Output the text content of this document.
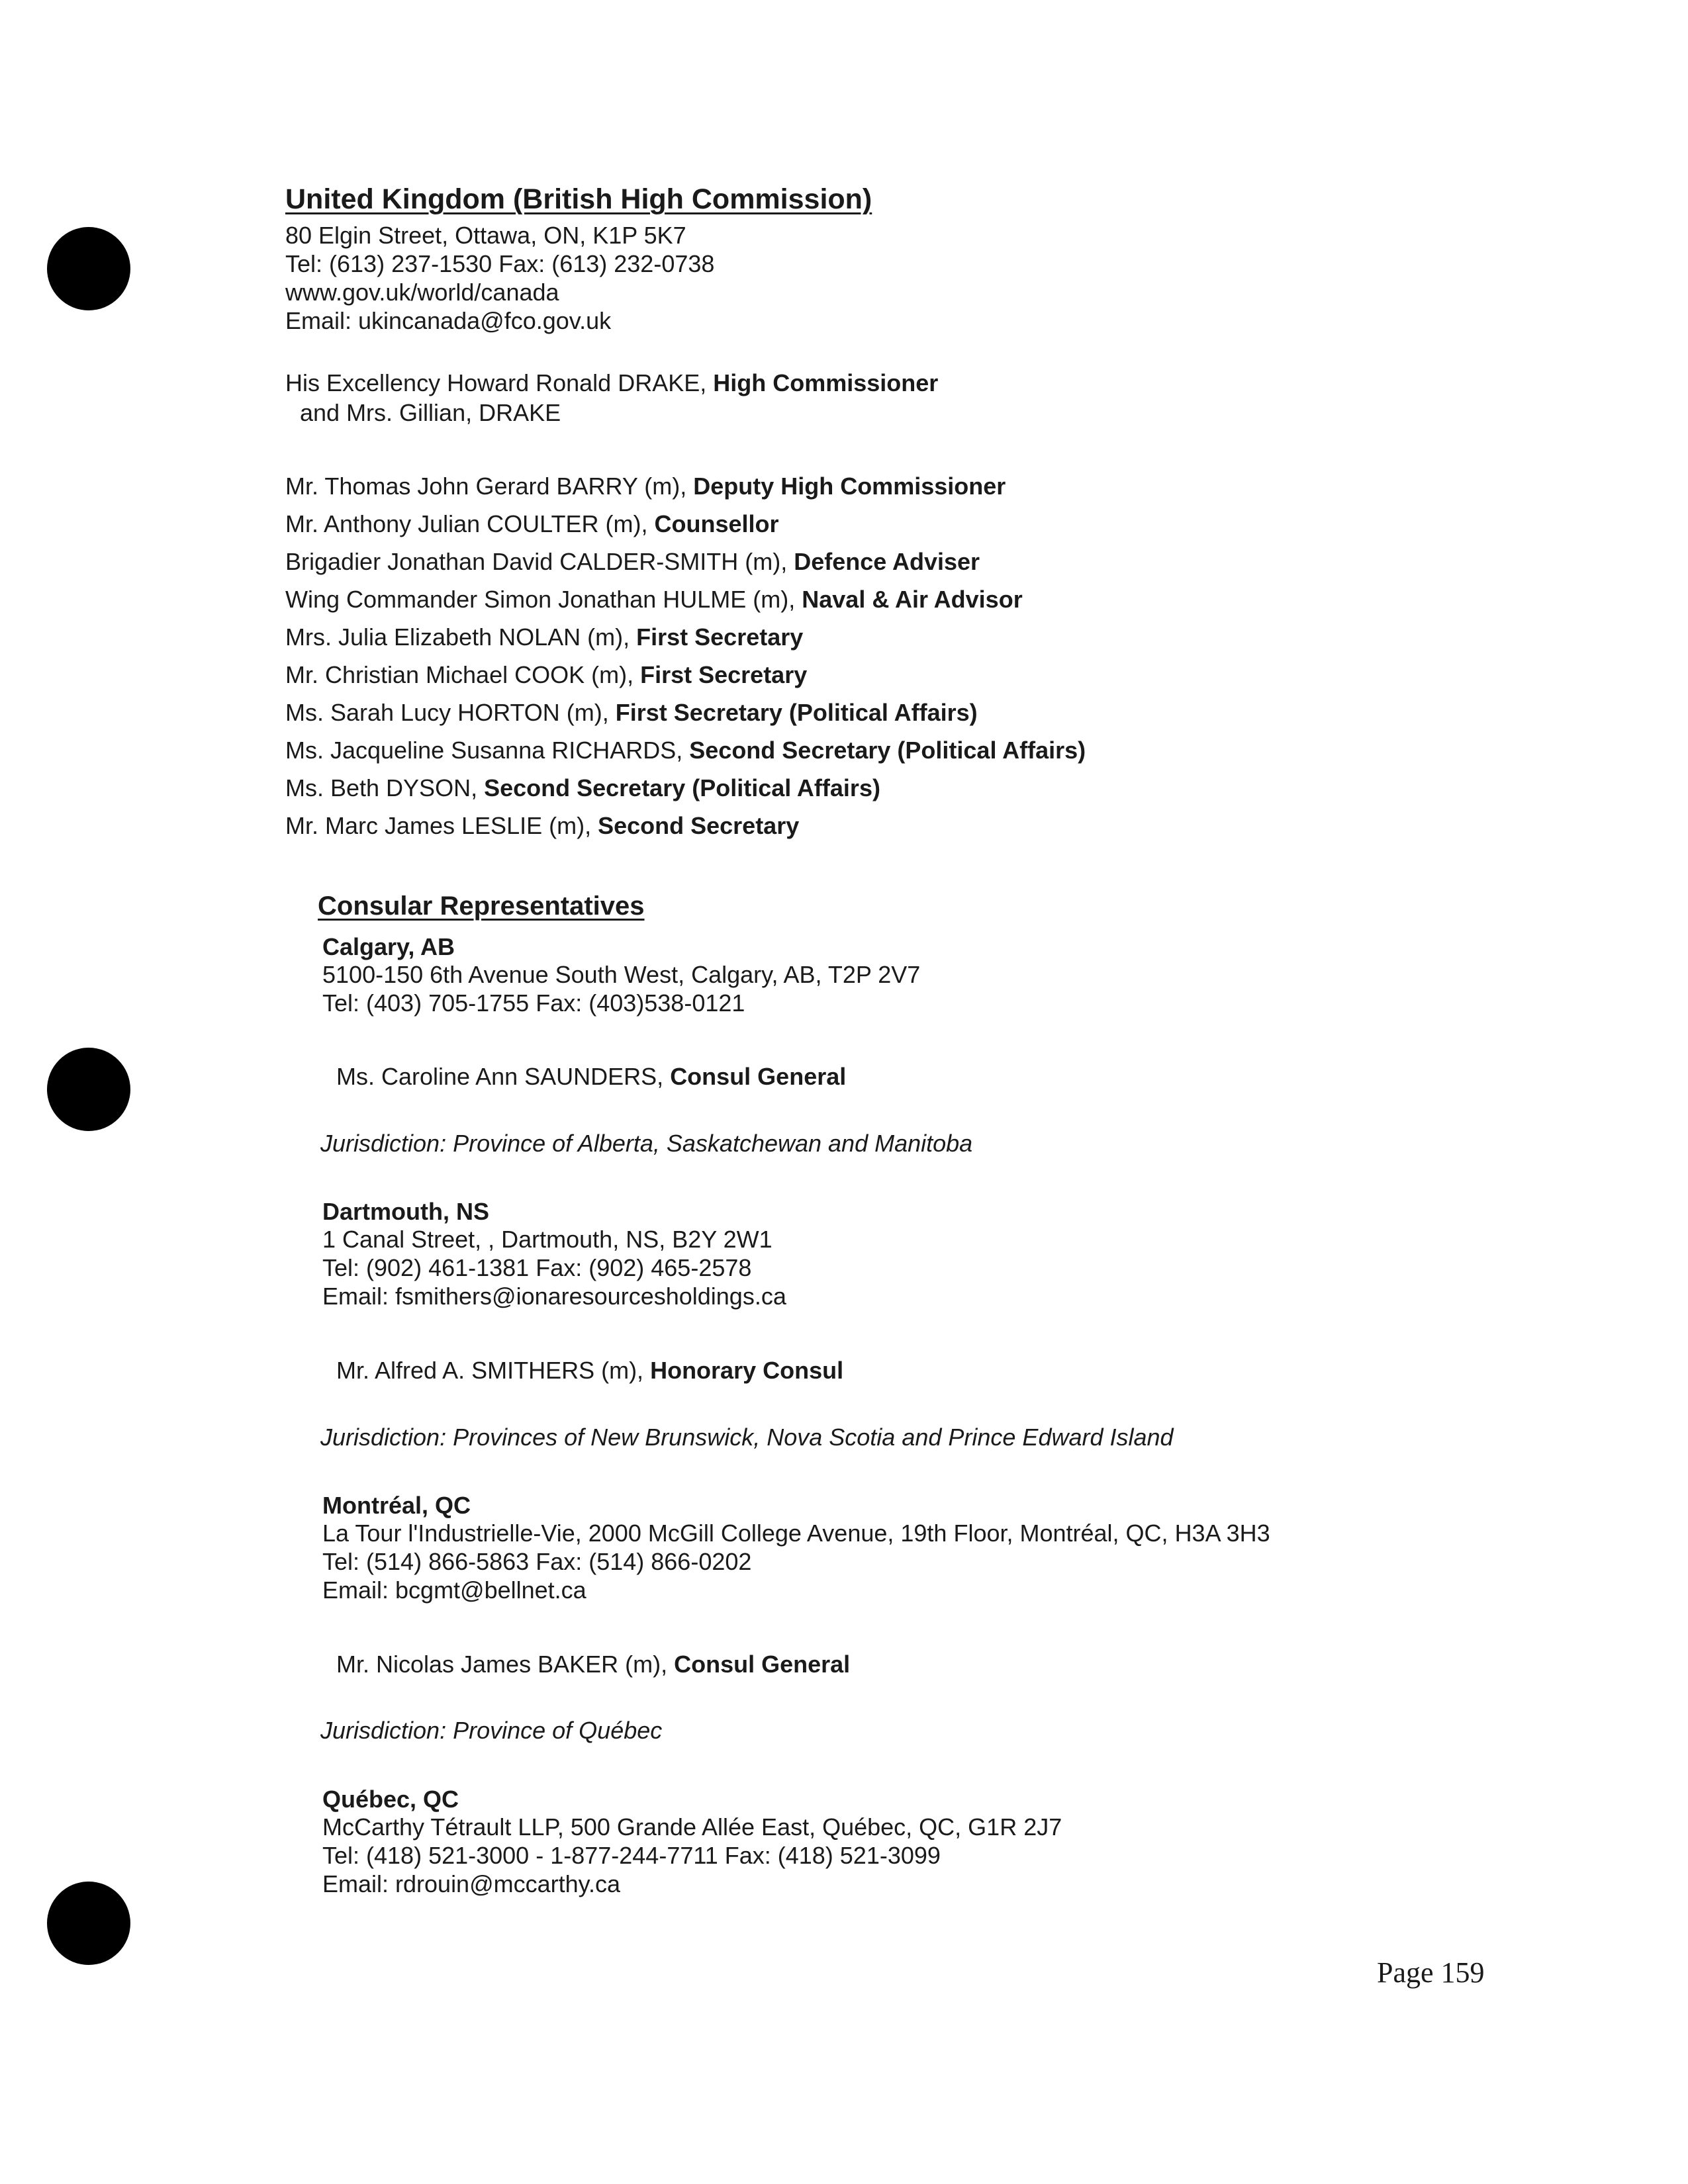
United Kingdom (British High Commission)
80 Elgin Street, Ottawa, ON, K1P 5K7
Tel: (613) 237-1530 Fax: (613) 232-0738
www.gov.uk/world/canada
Email: ukincanada@fco.gov.uk
His Excellency Howard Ronald DRAKE, High Commissioner
and Mrs. Gillian, DRAKE
Mr. Thomas John Gerard BARRY (m), Deputy High Commissioner
Mr. Anthony Julian COULTER (m), Counsellor
Brigadier Jonathan David CALDER-SMITH (m), Defence Adviser
Wing Commander Simon Jonathan HULME (m), Naval & Air Advisor
Mrs. Julia Elizabeth NOLAN (m), First Secretary
Mr. Christian Michael COOK (m), First Secretary
Ms. Sarah Lucy HORTON (m), First Secretary (Political Affairs)
Ms. Jacqueline Susanna RICHARDS, Second Secretary (Political Affairs)
Ms. Beth DYSON, Second Secretary (Political Affairs)
Mr. Marc James LESLIE (m), Second Secretary
Consular Representatives
Calgary, AB
5100-150 6th Avenue South West, Calgary, AB, T2P 2V7
Tel: (403) 705-1755 Fax: (403)538-0121
Ms. Caroline Ann SAUNDERS, Consul General
Jurisdiction: Province of Alberta, Saskatchewan and Manitoba
Dartmouth, NS
1 Canal Street, , Dartmouth, NS, B2Y 2W1
Tel: (902) 461-1381 Fax: (902) 465-2578
Email: fsmithers@ionaresourcesholdings.ca
Mr. Alfred A. SMITHERS (m), Honorary Consul
Jurisdiction: Provinces of New Brunswick, Nova Scotia and Prince Edward Island
Montréal, QC
La Tour l'Industrielle-Vie, 2000 McGill College Avenue, 19th Floor, Montréal, QC, H3A 3H3
Tel: (514) 866-5863 Fax: (514) 866-0202
Email: bcgmt@bellnet.ca
Mr. Nicolas James BAKER (m), Consul General
Jurisdiction: Province of Québec
Québec, QC
McCarthy Tétrault LLP, 500 Grande Allée East, Québec, QC, G1R 2J7
Tel: (418) 521-3000 - 1-877-244-7711 Fax: (418) 521-3099
Email: rdrouin@mccarthy.ca
Page 159
